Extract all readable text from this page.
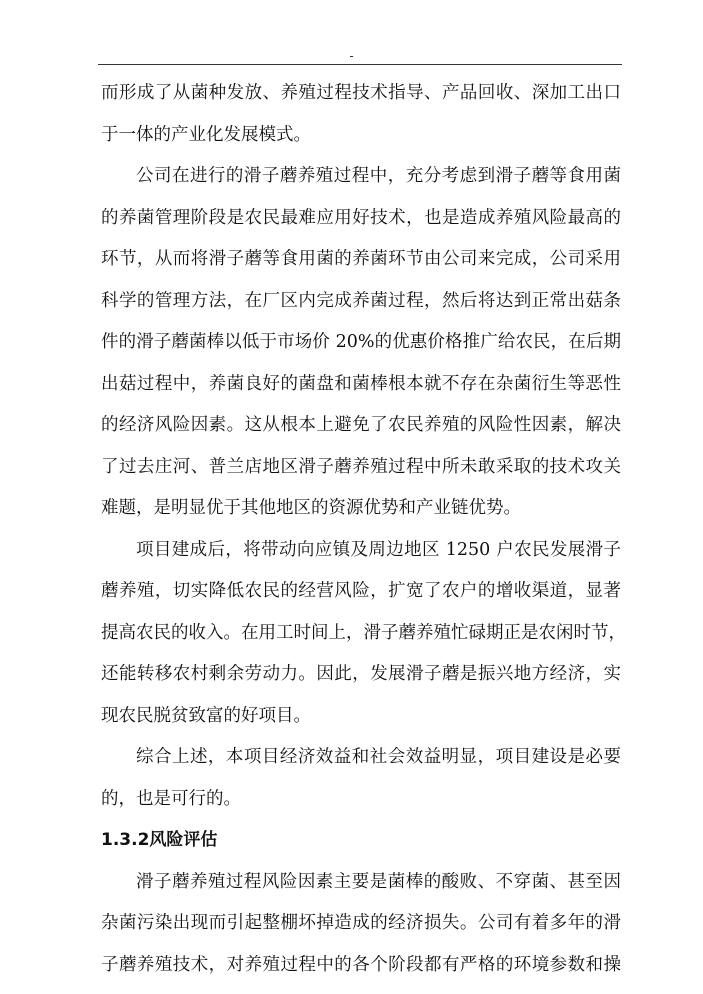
-
而形成了从菌种发放、养殖过程技术指导、产品回收、深加工出口
于一体的产业化发展模式。
公司在进行的滑子蘑养殖过程中，充分考虑到滑子蘑等食用菌
的养菌管理阶段是农民最难应用好技术，也是造成养殖风险最高的
环节，从而将滑子蘑等食用菌的养菌环节由公司来完成，公司采用
科学的管理方法，在厂区内完成养菌过程，然后将达到正常出菇条
件的滑子蘑菌棒以低于市场价 20%的优惠价格推广给农民，在后期
出菇过程中，养菌良好的菌盘和菌棒根本就不存在杂菌衍生等恶性
的经济风险因素。这从根本上避免了农民养殖的风险性因素，解决
了过去庄河、普兰店地区滑子蘑养殖过程中所未敢采取的技术攻关
难题，是明显优于其他地区的资源优势和产业链优势。
项目建成后，将带动向应镇及周边地区 1250 户农民发展滑子
蘑养殖，切实降低农民的经营风险，扩宽了农户的增收渠道，显著
提高农民的收入。在用工时间上，滑子蘑养殖忙碌期正是农闲时节，
还能转移农村剩余劳动力。因此，发展滑子蘑是振兴地方经济，实
现农民脱贫致富的好项目。
综合上述，本项目经济效益和社会效益明显，项目建设是必要
的，也是可行的。
1.3.2风险评估
滑子蘑养殖过程风险因素主要是菌棒的酸败、不穿菌、甚至因
杂菌污染出现而引起整棚坏掉造成的经济损失。公司有着多年的滑
子蘑养殖技术，对养殖过程中的各个阶段都有严格的环境参数和操
